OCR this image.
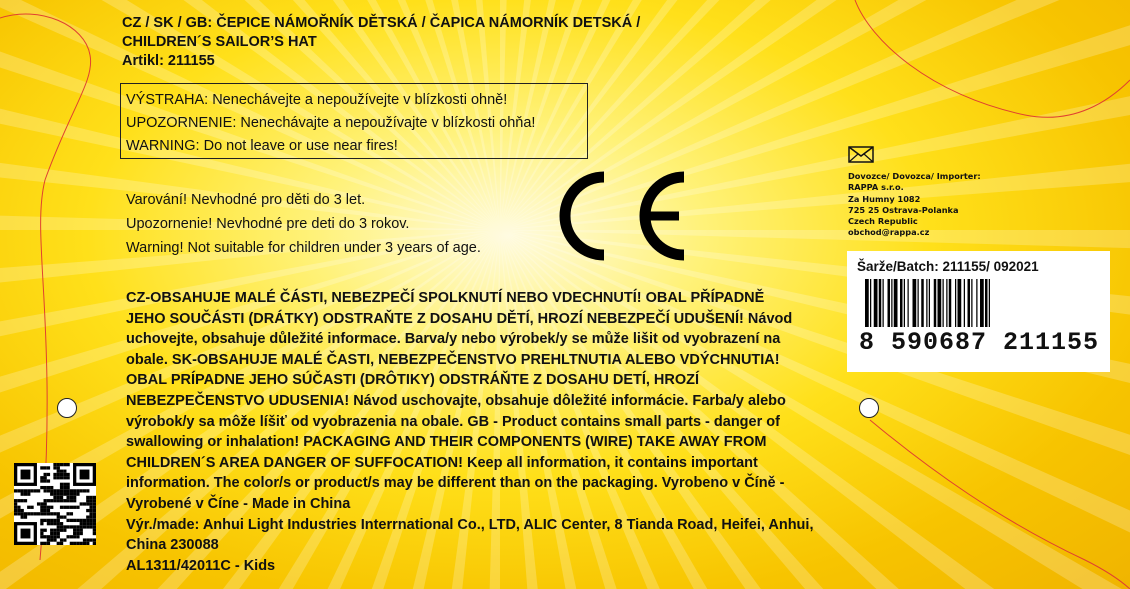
CZ / SK / GB: ČEPICE NÁMOŘNÍK DĚTSKÁ / ČAPICA NÁMORNÍK DETSKÁ /
CHILDREN´S SAILOR’S HAT
Artikl: 211155
VÝSTRAHA: Nenechávejte a nepoužívejte v blízkosti ohně!
UPOZORNENIE: Nenechávajte a nepoužívajte v blízkosti ohňa!
WARNING: Do not leave or use near fires!
Varování! Nevhodné pro děti do 3 let.
Upozornenie! Nevhodné pre deti do 3 rokov.
Warning! Not suitable for children under 3 years of age.
CZ-OBSAHUJE MALÉ ČÁSTI, NEBEZPEČÍ SPOLKNUTÍ NEBO VDECHNUTÍ! OBAL PŘÍPADNĚ
JEHO SOUČÁSTI (DRÁTKY) ODSTRAŇTE Z DOSAHU DĚTÍ, HROZÍ NEBEZPEČÍ UDUŠENÍ! Návod
uchovejte, obsahuje důležité informace. Barva/y nebo výrobek/y se může lišit od vyobrazení na
obale. SK-OBSAHUJE MALÉ ČASTI, NEBEZPEČENSTVO PREHLTNUTIA ALEBO VDÝCHNUTIA!
OBAL PRÍPADNE JEHO SÚČASTI (DRÔTIKY) ODSTRÁŇTE Z DOSAHU DETÍ, HROZÍ
NEBEZPEČENSTVO UDUSENIA! Návod uschovajte, obsahuje dôležité informácie. Farba/y alebo
výrobok/y sa môže líšiť od vyobrazenia na obale. GB - Product contains small parts - danger of
swallowing or inhalation! PACKAGING AND THEIR COMPONENTS (WIRE) TAKE AWAY FROM
CHILDREN´S AREA DANGER OF SUFFOCATION! Keep all information, it contains important
information. The color/s or product/s may be different than on the packaging. Vyrobeno v Číně -
Vyrobené v Číne - Made in China
Výr./made: Anhui Light Industries Interrnational Co., LTD, ALIC Center, 8 Tianda Road, Heifei, Anhui,
China 230088
AL1311/42011C - Kids
Dovozce/ Dovozca/ Importer:
RAPPA s.r.o.
Za Humny 1082
725 25 Ostrava-Polanka
Czech Republic
obchod@rappa.cz
Šarže/Batch: 211155/ 092021
8 590687 211155
